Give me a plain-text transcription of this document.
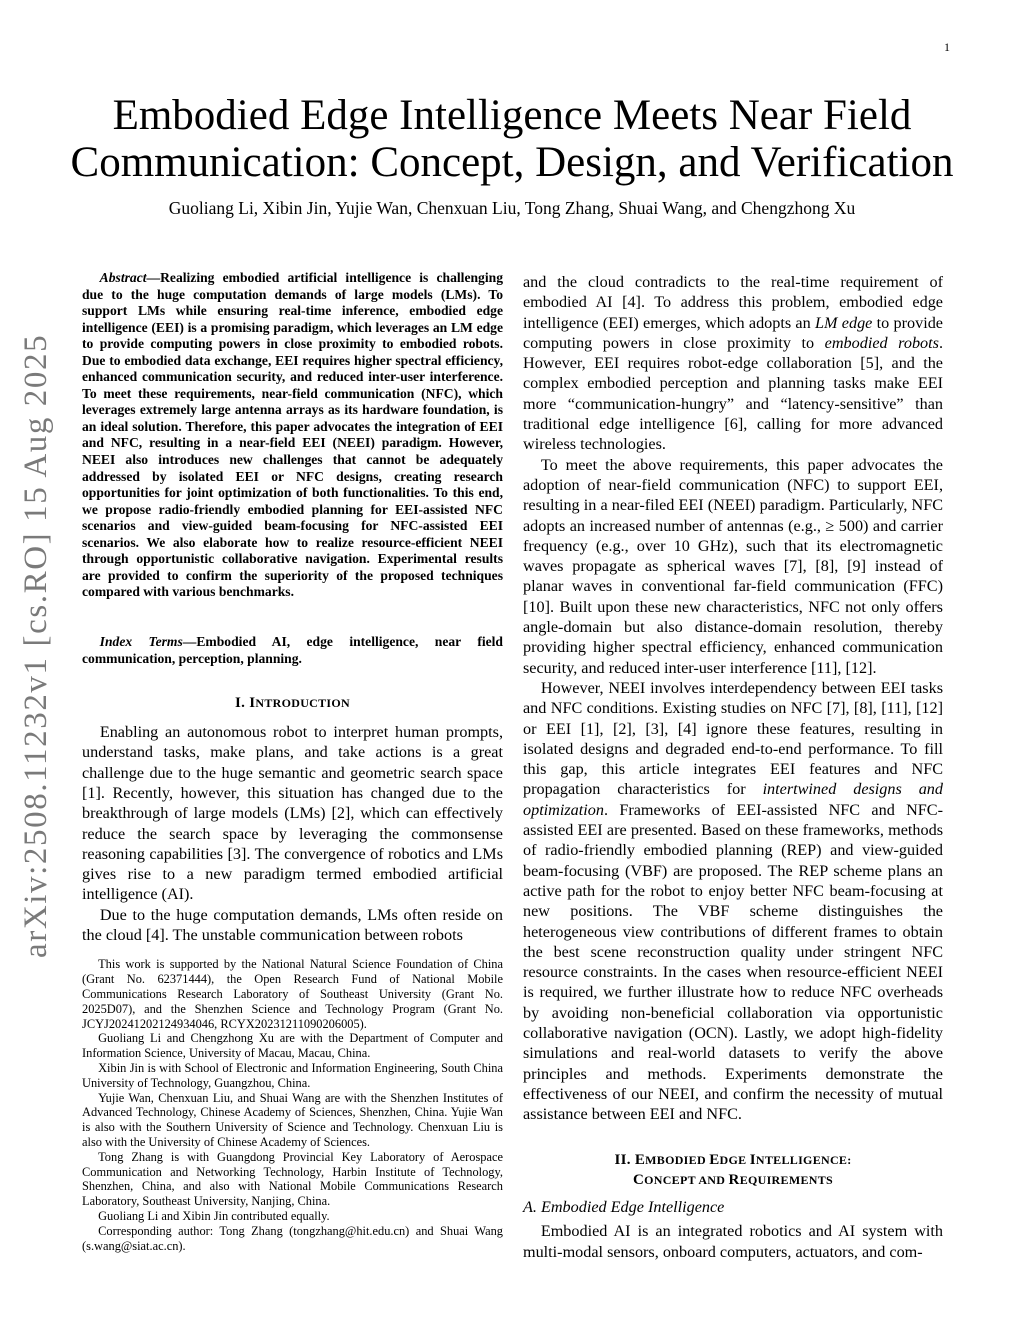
1
arXiv:2508.11232v1 [cs.RO] 15 Aug 2025
Embodied Edge Intelligence Meets Near Field
Communication: Concept, Design, and Verification
Guoliang Li, Xibin Jin, Yujie Wan, Chenxuan Liu, Tong Zhang, Shuai Wang, and Chengzhong Xu

Abstract—Realizing embodied artificial intelligence is challenging due to the huge computation demands of large models (LMs). To support LMs while ensuring real-time inference, embodied edge intelligence (EEI) is a promising paradigm, which leverages an LM edge to provide computing powers in close proximity to embodied robots. Due to embodied data exchange, EEI requires higher spectral efficiency, enhanced communication security, and reduced inter-user interference. To meet these requirements, near-field communication (NFC), which leverages extremely large antenna arrays as its hardware foundation, is an ideal solution. Therefore, this paper advocates the integration of EEI and NFC, resulting in a near-field EEI (NEEI) paradigm. However, NEEI also introduces new challenges that cannot be adequately addressed by isolated EEI or NFC designs, creating research opportunities for joint optimization of both functionalities. To this end, we propose radio-friendly embodied planning for EEI-assisted NFC scenarios and view-guided beam-focusing for NFC-assisted EEI scenarios. We also elaborate how to realize resource-efficient NEEI through opportunistic collaborative navigation. Experimental results are provided to confirm the superiority of the proposed techniques compared with various benchmarks.

Index Terms—Embodied AI, edge intelligence, near field communication, perception, planning.

I. INTRODUCTION

Enabling an autonomous robot to interpret human prompts, understand tasks, make plans, and take actions is a great challenge due to the huge semantic and geometric search space [1]. Recently, however, this situation has changed due to the breakthrough of large models (LMs) [2], which can effectively reduce the search space by leveraging the commonsense reasoning capabilities [3]. The convergence of robotics and LMs gives rise to a new paradigm termed embodied artificial intelligence (AI).

Due to the huge computation demands, LMs often reside on the cloud [4]. The unstable communication between robots

This work is supported by the National Natural Science Foundation of China (Grant No. 62371444), the Open Research Fund of National Mobile Communications Research Laboratory of Southeast University (Grant No. 2025D07), and the Shenzhen Science and Technology Program (Grant No. JCYJ20241202124934046, RCYX20231211090206005).

Guoliang Li and Chengzhong Xu are with the Department of Computer and Information Science, University of Macau, Macau, China.

Xibin Jin is with School of Electronic and Information Engineering, South China University of Technology, Guangzhou, China.

Yujie Wan, Chenxuan Liu, and Shuai Wang are with the Shenzhen Institutes of Advanced Technology, Chinese Academy of Sciences, Shenzhen, China. Yujie Wan is also with the Southern University of Science and Technology. Chenxuan Liu is also with the University of Chinese Academy of Sciences.

Tong Zhang is with Guangdong Provincial Key Laboratory of Aerospace Communication and Networking Technology, Harbin Institute of Technology, Shenzhen, China, and also with National Mobile Communications Research Laboratory, Southeast University, Nanjing, China.

Guoliang Li and Xibin Jin contributed equally.

Corresponding author: Tong Zhang (tongzhang@hit.edu.cn) and Shuai Wang (s.wang@siat.ac.cn).

and the cloud contradicts to the real-time requirement of embodied AI [4]. To address this problem, embodied edge intelligence (EEI) emerges, which adopts an LM edge to provide computing powers in close proximity to embodied robots. However, EEI requires robot-edge collaboration [5], and the complex embodied perception and planning tasks make EEI more “communication-hungry” and “latency-sensitive” than traditional edge intelligence [6], calling for more advanced wireless technologies.

To meet the above requirements, this paper advocates the adoption of near-field communication (NFC) to support EEI, resulting in a near-filed EEI (NEEI) paradigm. Particularly, NFC adopts an increased number of antennas (e.g., ≥ 500) and carrier frequency (e.g., over 10 GHz), such that its electromagnetic waves propagate as spherical waves [7], [8], [9] instead of planar waves in conventional far-field communication (FFC) [10]. Built upon these new characteristics, NFC not only offers angle-domain but also distance-domain resolution, thereby providing higher spectral efficiency, enhanced communication security, and reduced inter-user interference [11], [12].

However, NEEI involves interdependency between EEI tasks and NFC conditions. Existing studies on NFC [7], [8], [11], [12] or EEI [1], [2], [3], [4] ignore these features, resulting in isolated designs and degraded end-to-end performance. To fill this gap, this article integrates EEI features and NFC propagation characteristics for intertwined designs and optimization. Frameworks of EEI-assisted NFC and NFC-assisted EEI are presented. Based on these frameworks, methods of radio-friendly embodied planning (REP) and view-guided beam-focusing (VBF) are proposed. The REP scheme plans an active path for the robot to enjoy better NFC beam-focusing at new positions. The VBF scheme distinguishes the heterogeneous view contributions of different frames to obtain the best scene reconstruction quality under stringent NFC resource constraints. In the cases when resource-efficient NEEI is required, we further illustrate how to reduce NFC overheads by avoiding non-beneficial collaboration via opportunistic collaborative navigation (OCN). Lastly, we adopt high-fidelity simulations and real-world datasets to verify the above principles and methods. Experiments demonstrate the effectiveness of our NEEI, and confirm the necessity of mutual assistance between EEI and NFC.

II. EMBODIED EDGE INTELLIGENCE:
CONCEPT AND REQUIREMENTS
A. Embodied Edge Intelligence

Embodied AI is an integrated robotics and AI system with multi-modal sensors, onboard computers, actuators, and com-
